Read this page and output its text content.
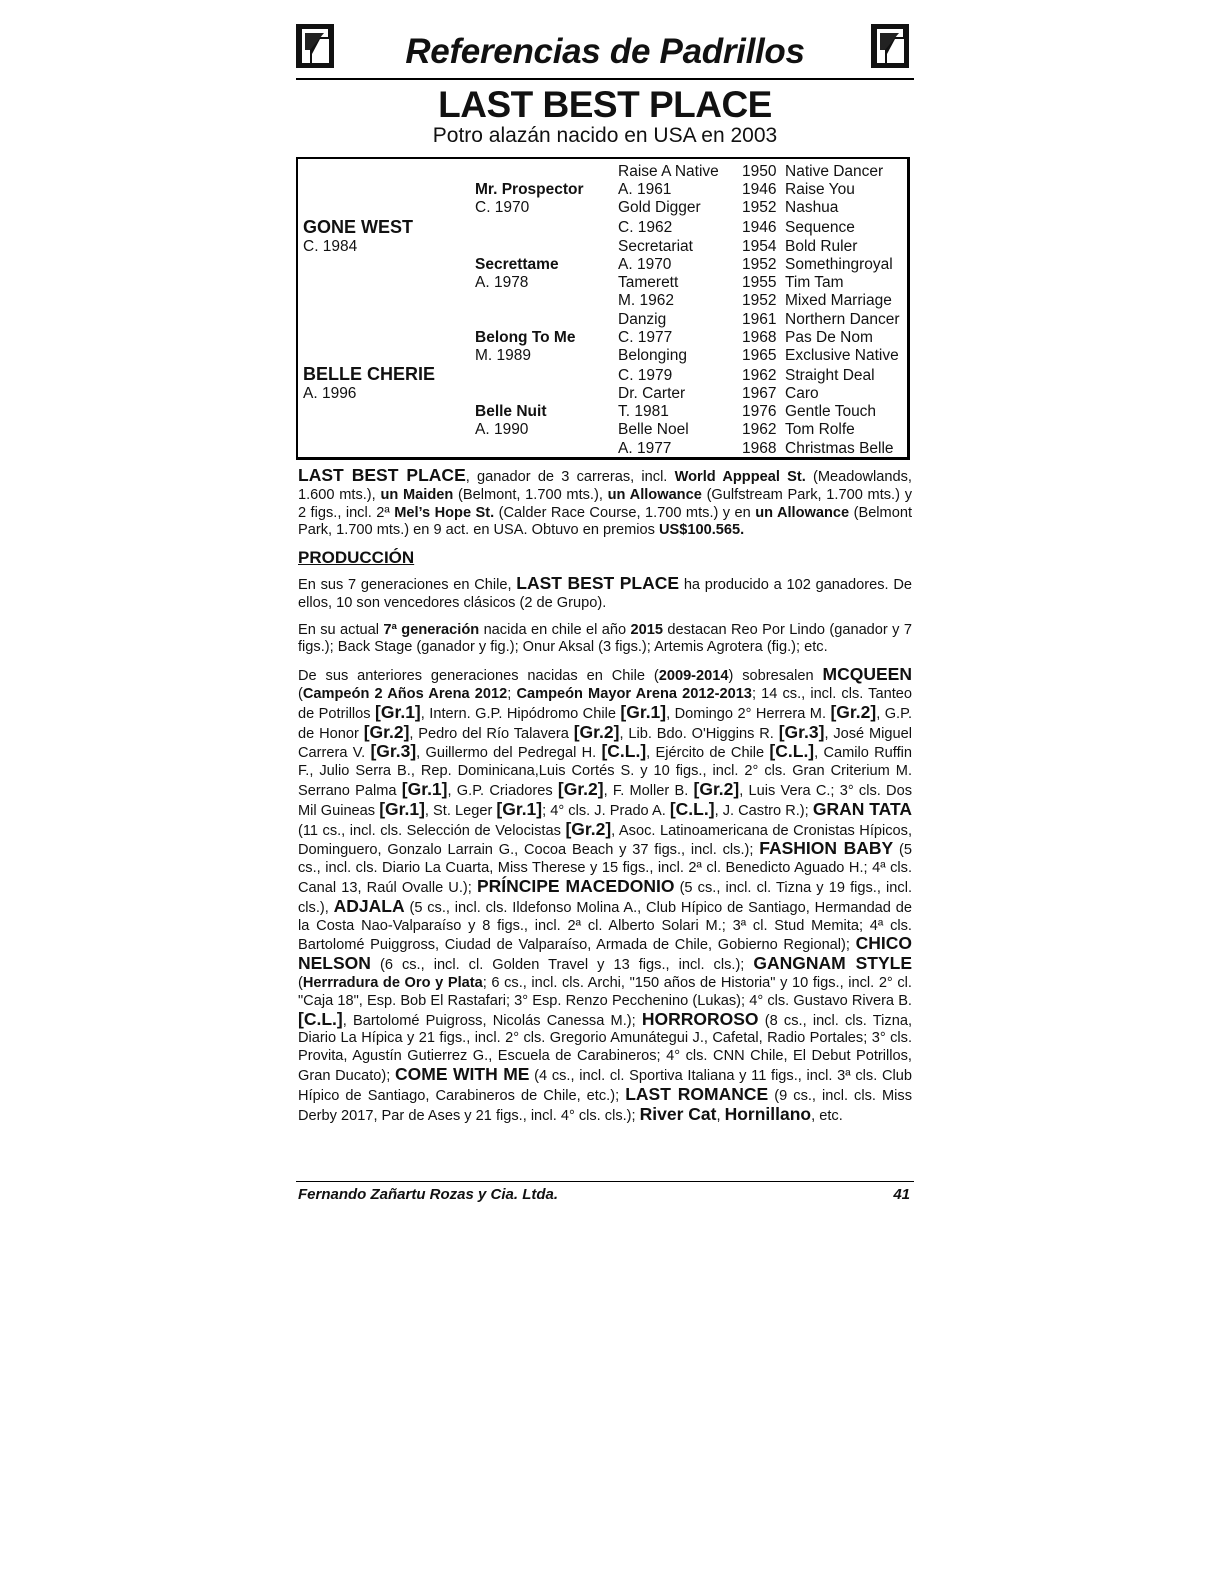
Referencias de Padrillos
LAST BEST PLACE
Potro alazán nacido en USA en 2003
GONE WEST
C. 1984
BELLE CHERIE
A. 1996
Mr. Prospector
C. 1970
Secrettame
A. 1978
Belong To Me
M. 1989
Belle Nuit
A. 1990
Raise A Native
A. 1961
Gold Digger
C. 1962
Secretariat
A. 1970
Tamerett
M. 1962
Danzig
C. 1977
Belonging
C. 1979
Dr. Carter
T. 1981
Belle Noel
A. 1977
1950
1946
1952
1946
1954
1952
1955
1952
1961
1968
1965
1962
1967
1976
1962
1968
Native Dancer
Raise You
Nashua
Sequence
Bold Ruler
Somethingroyal
Tim Tam
Mixed Marriage
Northern Dancer
Pas De Nom
Exclusive Native
Straight Deal
Caro
Gentle Touch
Tom Rolfe
Christmas Belle

LAST BEST PLACE, ganador de 3 carreras, incl. World Apppeal St. (Meadowlands, 1.600 mts.), un Maiden (Belmont, 1.700 mts.), un Allowance (Gulfstream Park, 1.700 mts.) y 2 figs., incl. 2ª Mel’s Hope St. (Calder Race Course, 1.700 mts.) y en un Allowance (Belmont Park, 1.700 mts.) en 9 act. en USA. Obtuvo en premios US$100.565.

PRODUCCIÓN

En sus 7 generaciones en Chile, LAST BEST PLACE ha producido a 102 ganadores. De ellos, 10 son vencedores clásicos (2 de Grupo).

En su actual 7ª generación nacida en chile el año 2015 destacan Reo Por Lindo (ganador y 7 figs.); Back Stage (ganador y fig.); Onur Aksal (3 figs.); Artemis Agrotera (fig.); etc.

De sus anteriores generaciones nacidas en Chile (2009-2014) sobresalen MCQUEEN (Campeón 2 Años Arena 2012; Campeón Mayor Arena 2012-2013; 14 cs., incl. cls. Tanteo de Potrillos [Gr.1], Intern. G.P. Hipódromo Chile [Gr.1], Domingo 2° Herrera M. [Gr.2], G.P. de Honor [Gr.2], Pedro del Río Talavera [Gr.2], Lib. Bdo. O'Higgins R. [Gr.3], José Miguel Carrera V. [Gr.3], Guillermo del Pedregal H. [C.L.], Ejército de Chile [C.L.], Camilo Ruffin F., Julio Serra B., Rep. Dominicana,Luis Cortés S. y 10 figs., incl. 2° cls. Gran Criterium M. Serrano Palma [Gr.1], G.P. Criadores [Gr.2], F. Moller B. [Gr.2], Luis Vera C.; 3° cls. Dos Mil Guineas [Gr.1], St. Leger [Gr.1]; 4° cls. J. Prado A. [C.L.], J. Castro R.); GRAN TATA (11 cs., incl. cls. Selección de Velocistas [Gr.2], Asoc. Latinoamericana de Cronistas Hípicos, Dominguero, Gonzalo Larrain G., Cocoa Beach y 37 figs., incl. cls.); FASHION BABY (5 cs., incl. cls. Diario La Cuarta, Miss Therese y 15 figs., incl. 2ª cl. Benedicto Aguado H.; 4ª cls. Canal 13, Raúl Ovalle U.); PRÍNCIPE MACEDONIO (5 cs., incl. cl. Tizna y 19 figs., incl. cls.), ADJALA (5 cs., incl. cls. Ildefonso Molina A., Club Hípico de Santiago, Hermandad de la Costa Nao-Valparaíso y 8 figs., incl. 2ª cl. Alberto Solari M.; 3ª cl. Stud Memita; 4ª cls. Bartolomé Puiggross, Ciudad de Valparaíso, Armada de Chile, Gobierno Regional); CHICO NELSON (6 cs., incl. cl. Golden Travel y 13 figs., incl. cls.); GANGNAM STYLE (Herrradura de Oro y Plata; 6 cs., incl. cls. Archi, "150 años de Historia" y 10 figs., incl. 2° cl. "Caja 18", Esp. Bob El Rastafari; 3° Esp. Renzo Pecchenino (Lukas); 4° cls. Gustavo Rivera B. [C.L.], Bartolomé Puigross, Nicolás Canessa M.); HORROROSO (8 cs., incl. cls. Tizna, Diario La Hípica y 21 figs., incl. 2° cls. Gregorio Amunátegui J., Cafetal, Radio Portales; 3° cls. Provita, Agustín Gutierrez G., Escuela de Carabineros; 4° cls. CNN Chile, El Debut Potrillos, Gran Ducato); COME WITH ME (4 cs., incl. cl. Sportiva Italiana y 11 figs., incl. 3ª cls. Club Hípico de Santiago, Carabineros de Chile, etc.); LAST ROMANCE (9 cs., incl. cls. Miss Derby 2017, Par de Ases y 21 figs., incl. 4° cls. cls.); River Cat, Hornillano, etc.

Fernando Zañartu Rozas y Cia. Ltda.	41
